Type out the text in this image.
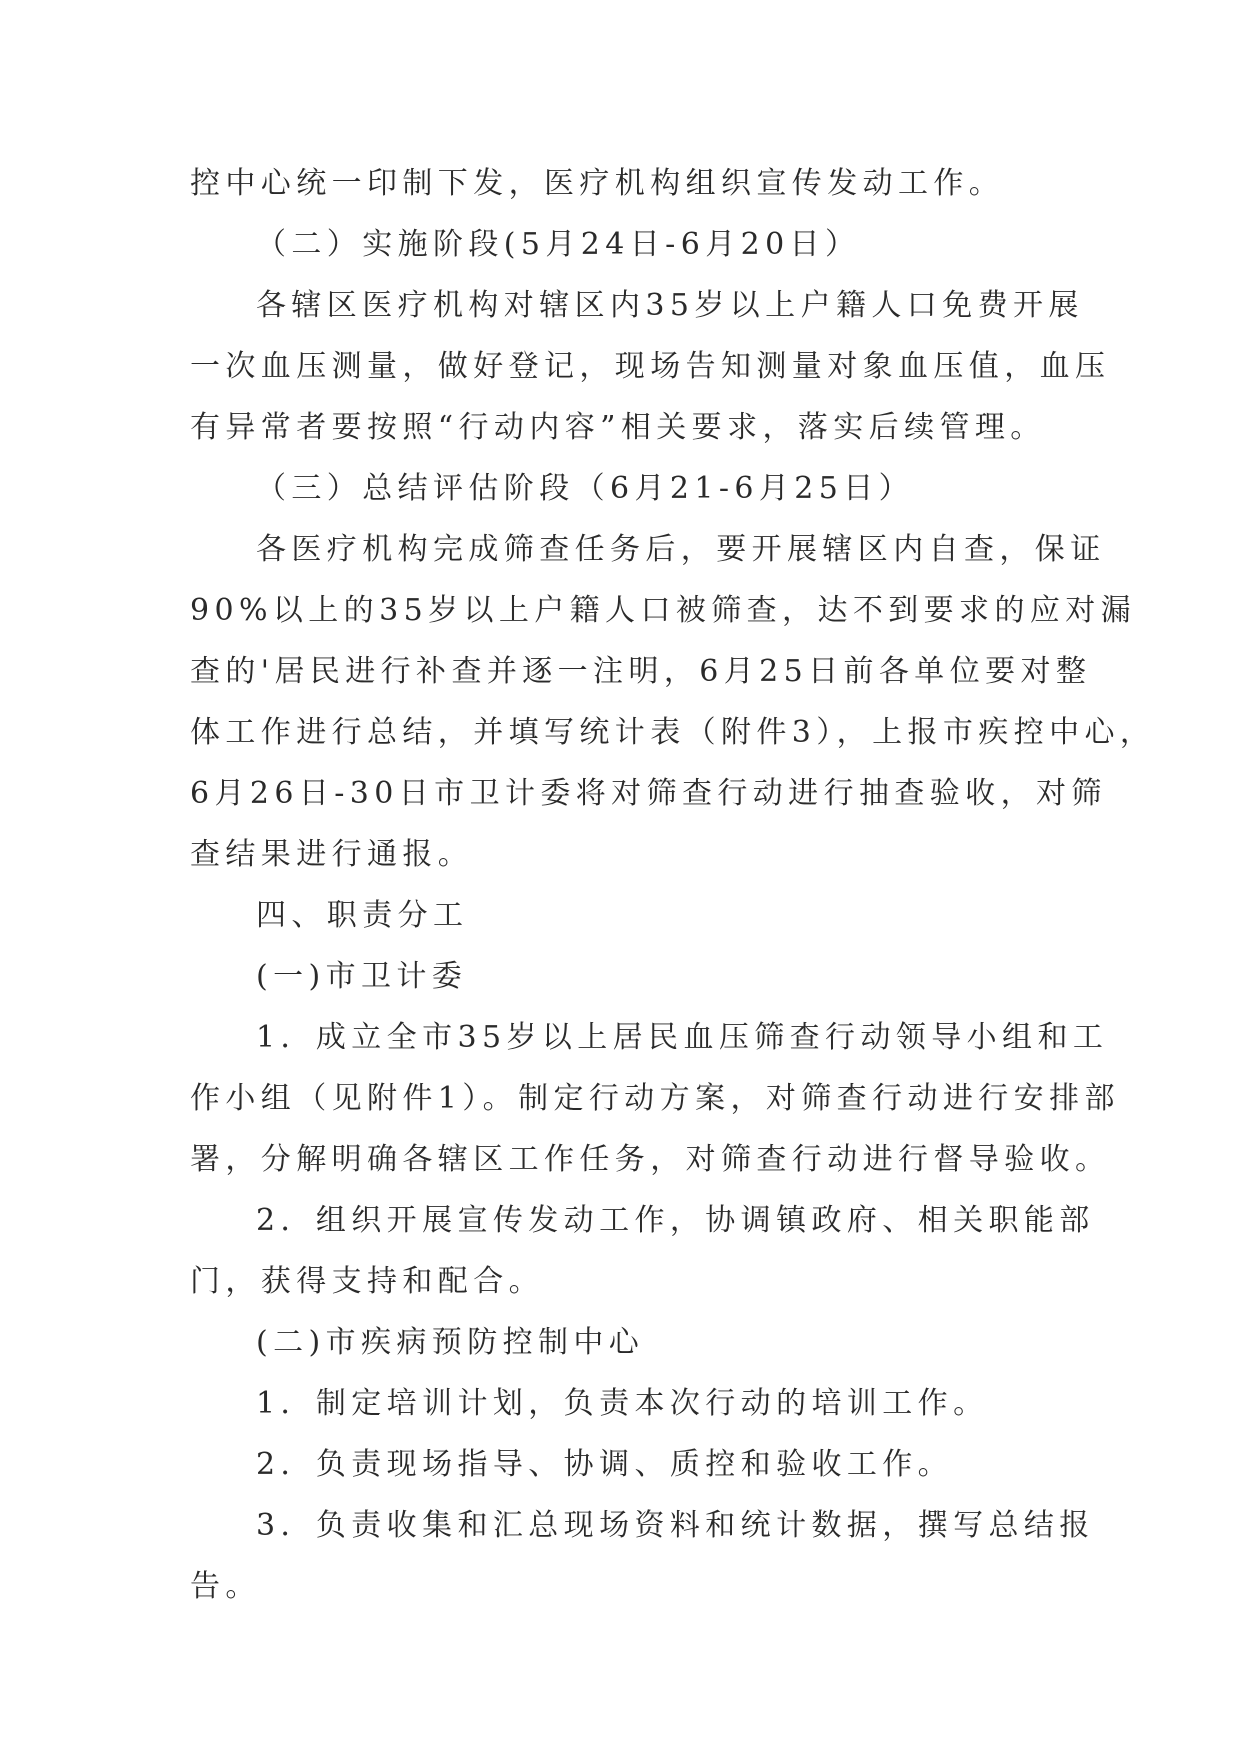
控中心统一印制下发，医疗机构组织宣传发动工作。

（二）实施阶段(5月24日-6月20日）

各辖区医疗机构对辖区内35岁以上户籍人口免费开展

一次血压测量，做好登记，现场告知测量对象血压值，血压

有异常者要按照“行动内容”相关要求，落实后续管理。

（三）总结评估阶段（6月21-6月25日）

各医疗机构完成筛查任务后，要开展辖区内自查，保证

90%以上的35岁以上户籍人口被筛查，达不到要求的应对漏

查的'居民进行补查并逐一注明，6月25日前各单位要对整

体工作进行总结，并填写统计表（附件3），上报市疾控中心，

6月26日-30日市卫计委将对筛查行动进行抽查验收，对筛

查结果进行通报。

四、职责分工

(一)市卫计委

1．成立全市35岁以上居民血压筛查行动领导小组和工

作小组（见附件1）。制定行动方案，对筛查行动进行安排部

署，分解明确各辖区工作任务，对筛查行动进行督导验收。

2．组织开展宣传发动工作，协调镇政府、相关职能部

门，获得支持和配合。

(二)市疾病预防控制中心

1．制定培训计划，负责本次行动的培训工作。

2．负责现场指导、协调、质控和验收工作。

3．负责收集和汇总现场资料和统计数据，撰写总结报

告。
